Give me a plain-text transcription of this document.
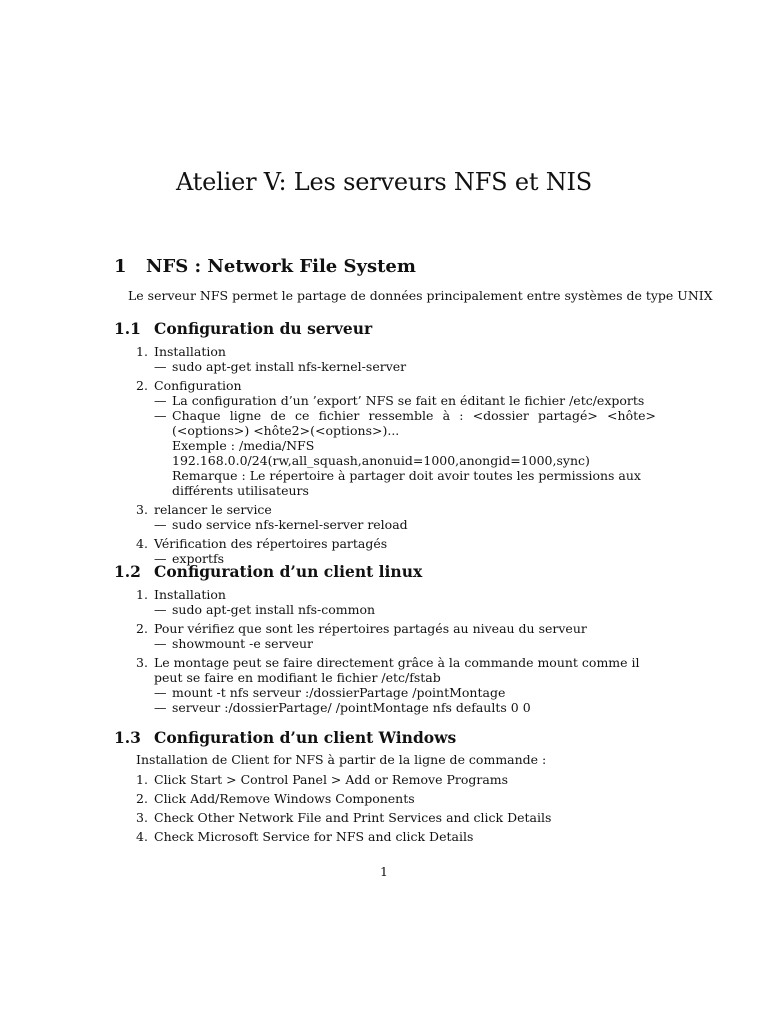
Atelier V: Les serveurs NFS et NIS
1 NFS : Network File System
Le serveur NFS permet le partage de données principalement entre systèmes de type UNIX
1.1 Configuration du serveur
1. Installation
— sudo apt-get install nfs-kernel-server
2. Configuration
— La configuration d’un ’export’ NFS se fait en éditant le fichier /etc/exports
— Chaque ligne de ce fichier ressemble à : <dossier partagé> <hôte>(<options>) <hôte2>(<options>)...
Exemple : /media/NFS 192.168.0.0/24(rw,all_squash,anonuid=1000,anongid=1000,sync)
Remarque : Le répertoire à partager doit avoir toutes les permissions aux différents utilisateurs
3. relancer le service
— sudo service nfs-kernel-server reload
4. Vérification des répertoires partagés
— exportfs
1.2 Configuration d’un client linux
1. Installation
— sudo apt-get install nfs-common
2. Pour vérifiez que sont les répertoires partagés au niveau du serveur
— showmount -e serveur
3. Le montage peut se faire directement grâce à la commande mount comme il peut se faire en modifiant le fichier /etc/fstab
— mount -t nfs serveur :/dossierPartage /pointMontage
— serveur :/dossierPartage/ /pointMontage nfs defaults 0 0
1.3 Configuration d’un client Windows
Installation de Client for NFS à partir de la ligne de commande :
1. Click Start > Control Panel > Add or Remove Programs
2. Click Add/Remove Windows Components
3. Check Other Network File and Print Services and click Details
4. Check Microsoft Service for NFS and click Details
1
